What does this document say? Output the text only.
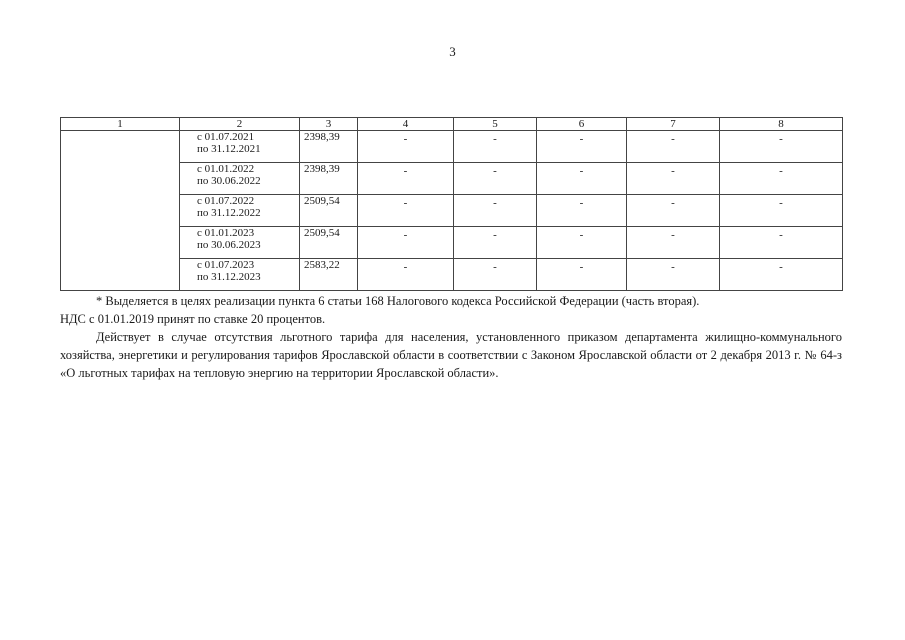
3
1	2	3	4	5	6	7	8

	с 01.07.2021
по 31.12.2021	2398,39	-	-	-	-	-

	с 01.01.2022
по 30.06.2022	2398,39	-	-	-	-	-

	с 01.07.2022
по 31.12.2022	2509,54	-	-	-	-	-

	с 01.01.2023
по 30.06.2023	2509,54	-	-	-	-	-

	с 01.07.2023
по 31.12.2023	2583,22	-	-	-	-	-

* Выделяется в целях реализации пункта 6 статьи 168 Налогового кодекса Российской Федерации (часть вторая).

НДС с 01.01.2019 принят по ставке 20 процентов.

Действует в случае отсутствия льготного тарифа для населения, установленного приказом департамента жилищно-коммунального хозяйства, энергетики и регулирования тарифов Ярославской области в соответствии с Законом Ярославской области от 2 декабря 2013 г. № 64-з «О льготных тарифах на тепловую энергию на территории Ярославской области».
